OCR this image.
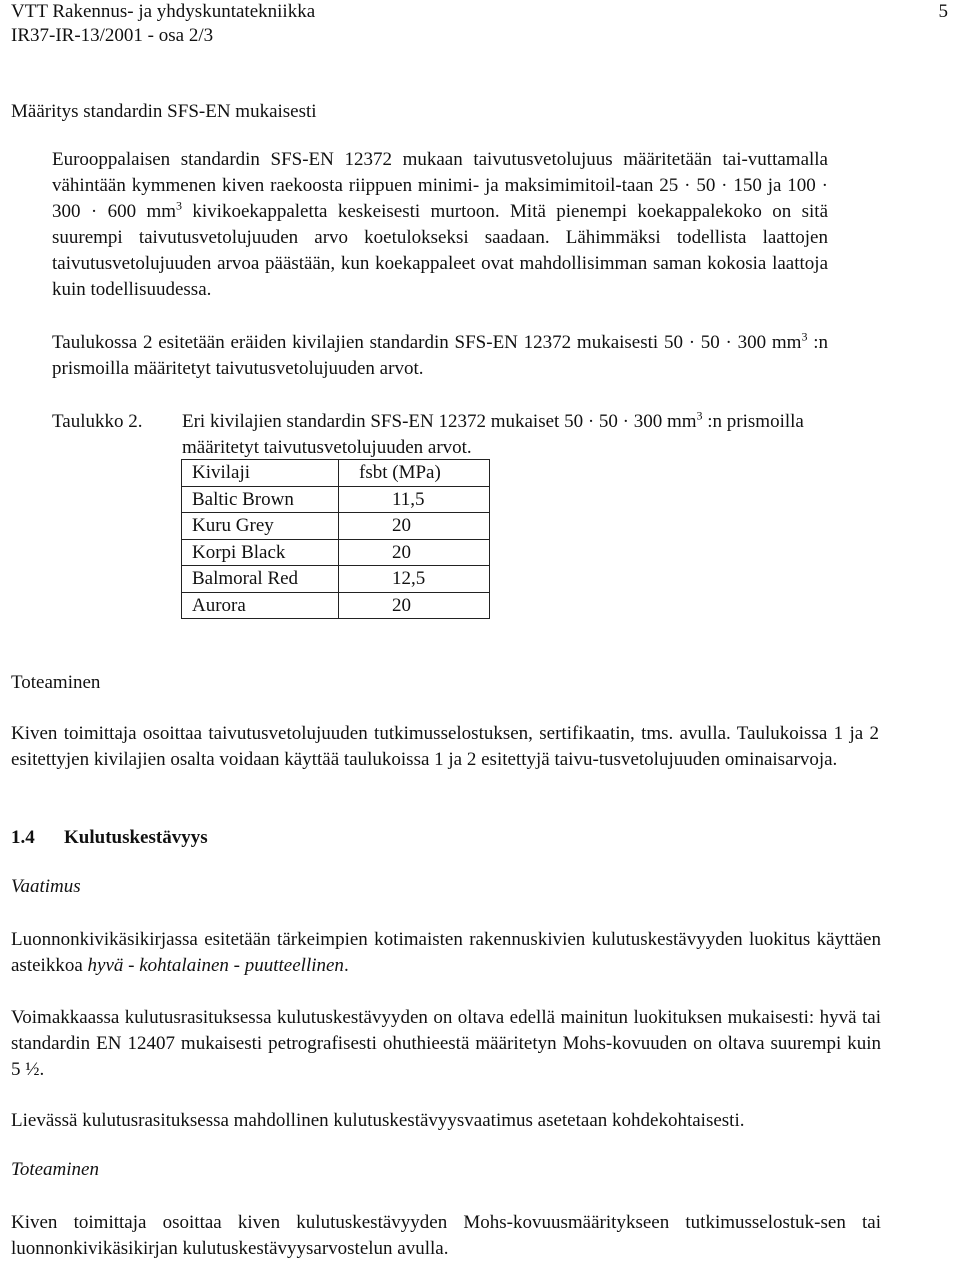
VTT Rakennus- ja yhdyskuntatekniikka
IR37-IR-13/2001 - osa 2/3
5
Määritys standardin SFS-EN mukaisesti
Eurooppalaisen standardin SFS-EN 12372 mukaan taivutusvetolujuus määritetään tai-vuttamalla vähintään kymmenen kiven raekoosta riippuen minimi- ja maksimimitoil-taan 25 · 50 · 150 ja 100 · 300 · 600 $mm^3$ kivikoekappaletta keskeisesti murtoon. Mitä pienempi koekappalekoko on sitä suurempi taivutusvetolujuuden arvo koetulokseksi saadaan. Lähimmäksi todellista laattojen taivutusvetolujuuden arvoa päästään, kun koekappaleet ovat mahdollisimman saman kokosia laattoja kuin todellisuudessa.
Taulukossa 2 esitetään eräiden kivilajien standardin SFS-EN 12372 mukaisesti 50 · 50 · 300 $mm^3$ :n prismoilla määritetyt taivutusvetolujuuden arvot.
Taulukko 2. Eri kivilajien standardin SFS-EN 12372 mukaiset 50 · 50 · 300 $mm^3$ :n prismoilla määritetyt taivutusvetolujuuden arvot.
Kivilaji	fsbt (MPa)
Baltic Brown	11,5
Kuru Grey	20
Korpi Black	20
Balmoral Red	12,5
Aurora	20
Toteaminen
Kiven toimittaja osoittaa taivutusvetolujuuden tutkimusselostuksen, sertifikaatin, tms. avulla. Taulukoissa 1 ja 2 esitettyjen kivilajien osalta voidaan käyttää taulukoissa 1 ja 2 esitettyjä taivu-tusvetolujuuden ominaisarvoja.
1.4 Kulutuskestävyys
Vaatimus
Luonnonkivikäsikirjassa esitetään tärkeimpien kotimaisten rakennuskivien kulutuskestävyyden luokitus käyttäen asteikkoa hyvä - kohtalainen - puutteellinen.
Voimakkaassa kulutusrasituksessa kulutuskestävyyden on oltava edellä mainitun luokituksen mukaisesti: hyvä tai standardin EN 12407 mukaisesti petrografisesti ohuthieestä määritetyn Mohs-kovuuden on oltava suurempi kuin 5 ½.
Lievässä kulutusrasituksessa mahdollinen kulutuskestävyysvaatimus asetetaan kohdekohtaisesti.
Toteaminen
Kiven toimittaja osoittaa kiven kulutuskestävyyden Mohs-kovuusmääritykseen tutkimusselostuk-sen tai luonnonkivikäsikirjan kulutuskestävyysarvostelun avulla.
